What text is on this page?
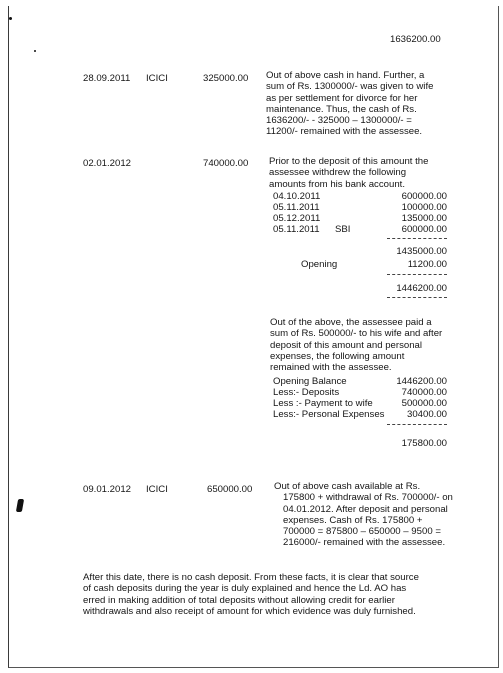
1636200.00
28.09.2011 ICICI	325000.00 Out of above cash in hand. Further, a
sum of Rs. 1300000/- was given to wife
as per settlement for divorce for her
maintenance. Thus, the cash of Rs.
1636200/- - 325000 – 1300000/- =
11200/- remained with the assessee.
02.01.2012	740000.00 Prior to the deposit of this amount the
assessee withdrew the following
amounts from his bank account.
04.10.2011	600000.00
05.11.2011	100000.00
05.12.2011	135000.00
05.11.2011 SBI	600000.00
1435000.00
Opening	11200.00
1446200.00
Out of the above, the assessee paid a
sum of Rs. 500000/- to his wife and after
deposit of this amount and personal
expenses, the following amount
remained with the assessee.
Opening Balance	1446200.00
Less:- Deposits	740000.00
Less :- Payment to wife	500000.00
Less:- Personal Expenses	30400.00
175800.00
09.01.2012 ICICI	650000.00 Out of above cash available at Rs.
175800 + withdrawal of Rs. 700000/- on
04.01.2012. After deposit and personal
expenses. Cash of Rs. 175800 +
700000 = 875800 – 650000 – 9500 =
216000/- remained with the assessee.
After this date, there is no cash deposit. From these facts, it is clear that source
of cash deposits during the year is duly explained and hence the Ld. AO has
erred in making addition of total deposits without allowing credit for earlier
withdrawals and also receipt of amount for which evidence was duly furnished.
